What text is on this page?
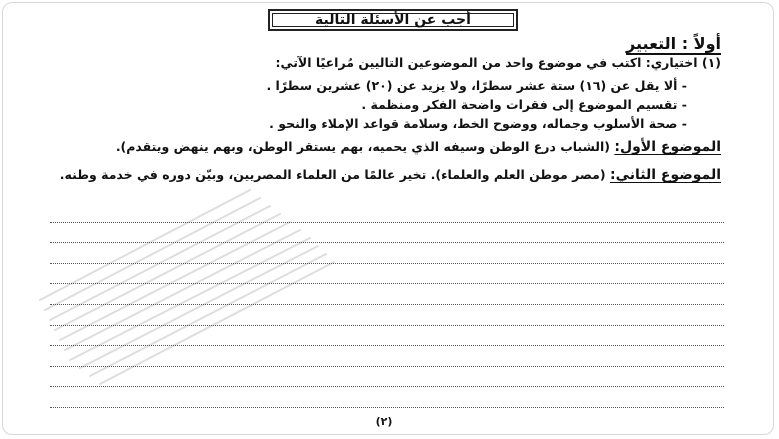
أجب عن الأسئلة التالية
أولاً : التعبير
(١) اختياري: اكتب في موضوع واحد من الموضوعين التاليين مُراعيًا الآتي:
- ألا يقل عن (١٦) ستة عشر سطرًا، ولا يزيد عن (٢٠) عشرين سطرًا .
- تقسيم الموضوع إلى فقرات واضحة الفكر ومنظمة .
- صحة الأسلوب وجماله، ووضوح الخط، وسلامة قواعد الإملاء والنحو .
الموضوع الأول: (الشباب درع الوطن وسيفه الذي يحميه، بهم يستقر الوطن، وبهم ينهض ويتقدم).
الموضوع الثاني: (مصر موطن العلم والعلماء). تخير عالمًا من العلماء المصريين، وبيّن دوره في خدمة وطنه.
(٢)
